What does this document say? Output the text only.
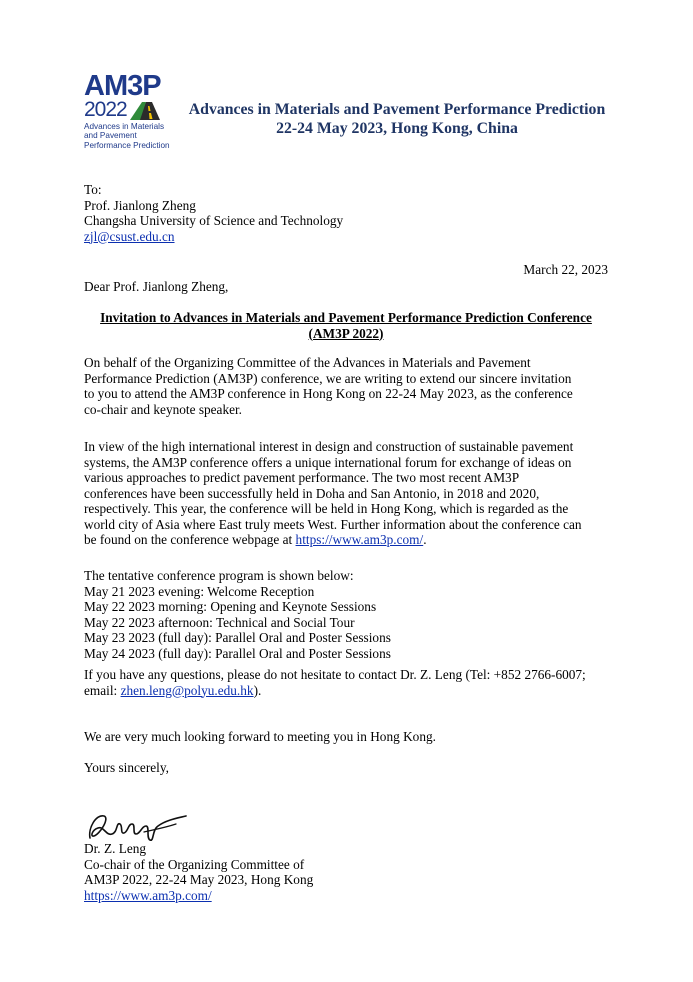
AM3P
2022
Advances in Materials
and Pavement
Performance Prediction
Advances in Materials and Pavement Performance Prediction
22-24 May 2023, Hong Kong, China
To:
Prof. Jianlong Zheng
Changsha University of Science and Technology
zjl@csust.edu.cn
March 22, 2023
Dear Prof. Jianlong Zheng,
Invitation to Advances in Materials and Pavement Performance Prediction Conference
(AM3P 2022)
On behalf of the Organizing Committee of the Advances in Materials and Pavement
Performance Prediction (AM3P) conference, we are writing to extend our sincere invitation
to you to attend the AM3P conference in Hong Kong on 22-24 May 2023, as the conference
co-chair and keynote speaker.
In view of the high international interest in design and construction of sustainable pavement
systems, the AM3P conference offers a unique international forum for exchange of ideas on
various approaches to predict pavement performance. The two most recent AM3P
conferences have been successfully held in Doha and San Antonio, in 2018 and 2020,
respectively. This year, the conference will be held in Hong Kong, which is regarded as the
world city of Asia where East truly meets West. Further information about the conference can
be found on the conference webpage at https://www.am3p.com/.
The tentative conference program is shown below:
May 21 2023 evening: Welcome Reception
May 22 2023 morning: Opening and Keynote Sessions
May 22 2023 afternoon: Technical and Social Tour
May 23 2023 (full day): Parallel Oral and Poster Sessions
May 24 2023 (full day): Parallel Oral and Poster Sessions
If you have any questions, please do not hesitate to contact Dr. Z. Leng (Tel: +852 2766-6007;
email: zhen.leng@polyu.edu.hk).
We are very much looking forward to meeting you in Hong Kong.
Yours sincerely,
Dr. Z. Leng
Co-chair of the Organizing Committee of
AM3P 2022, 22-24 May 2023, Hong Kong
https://www.am3p.com/
